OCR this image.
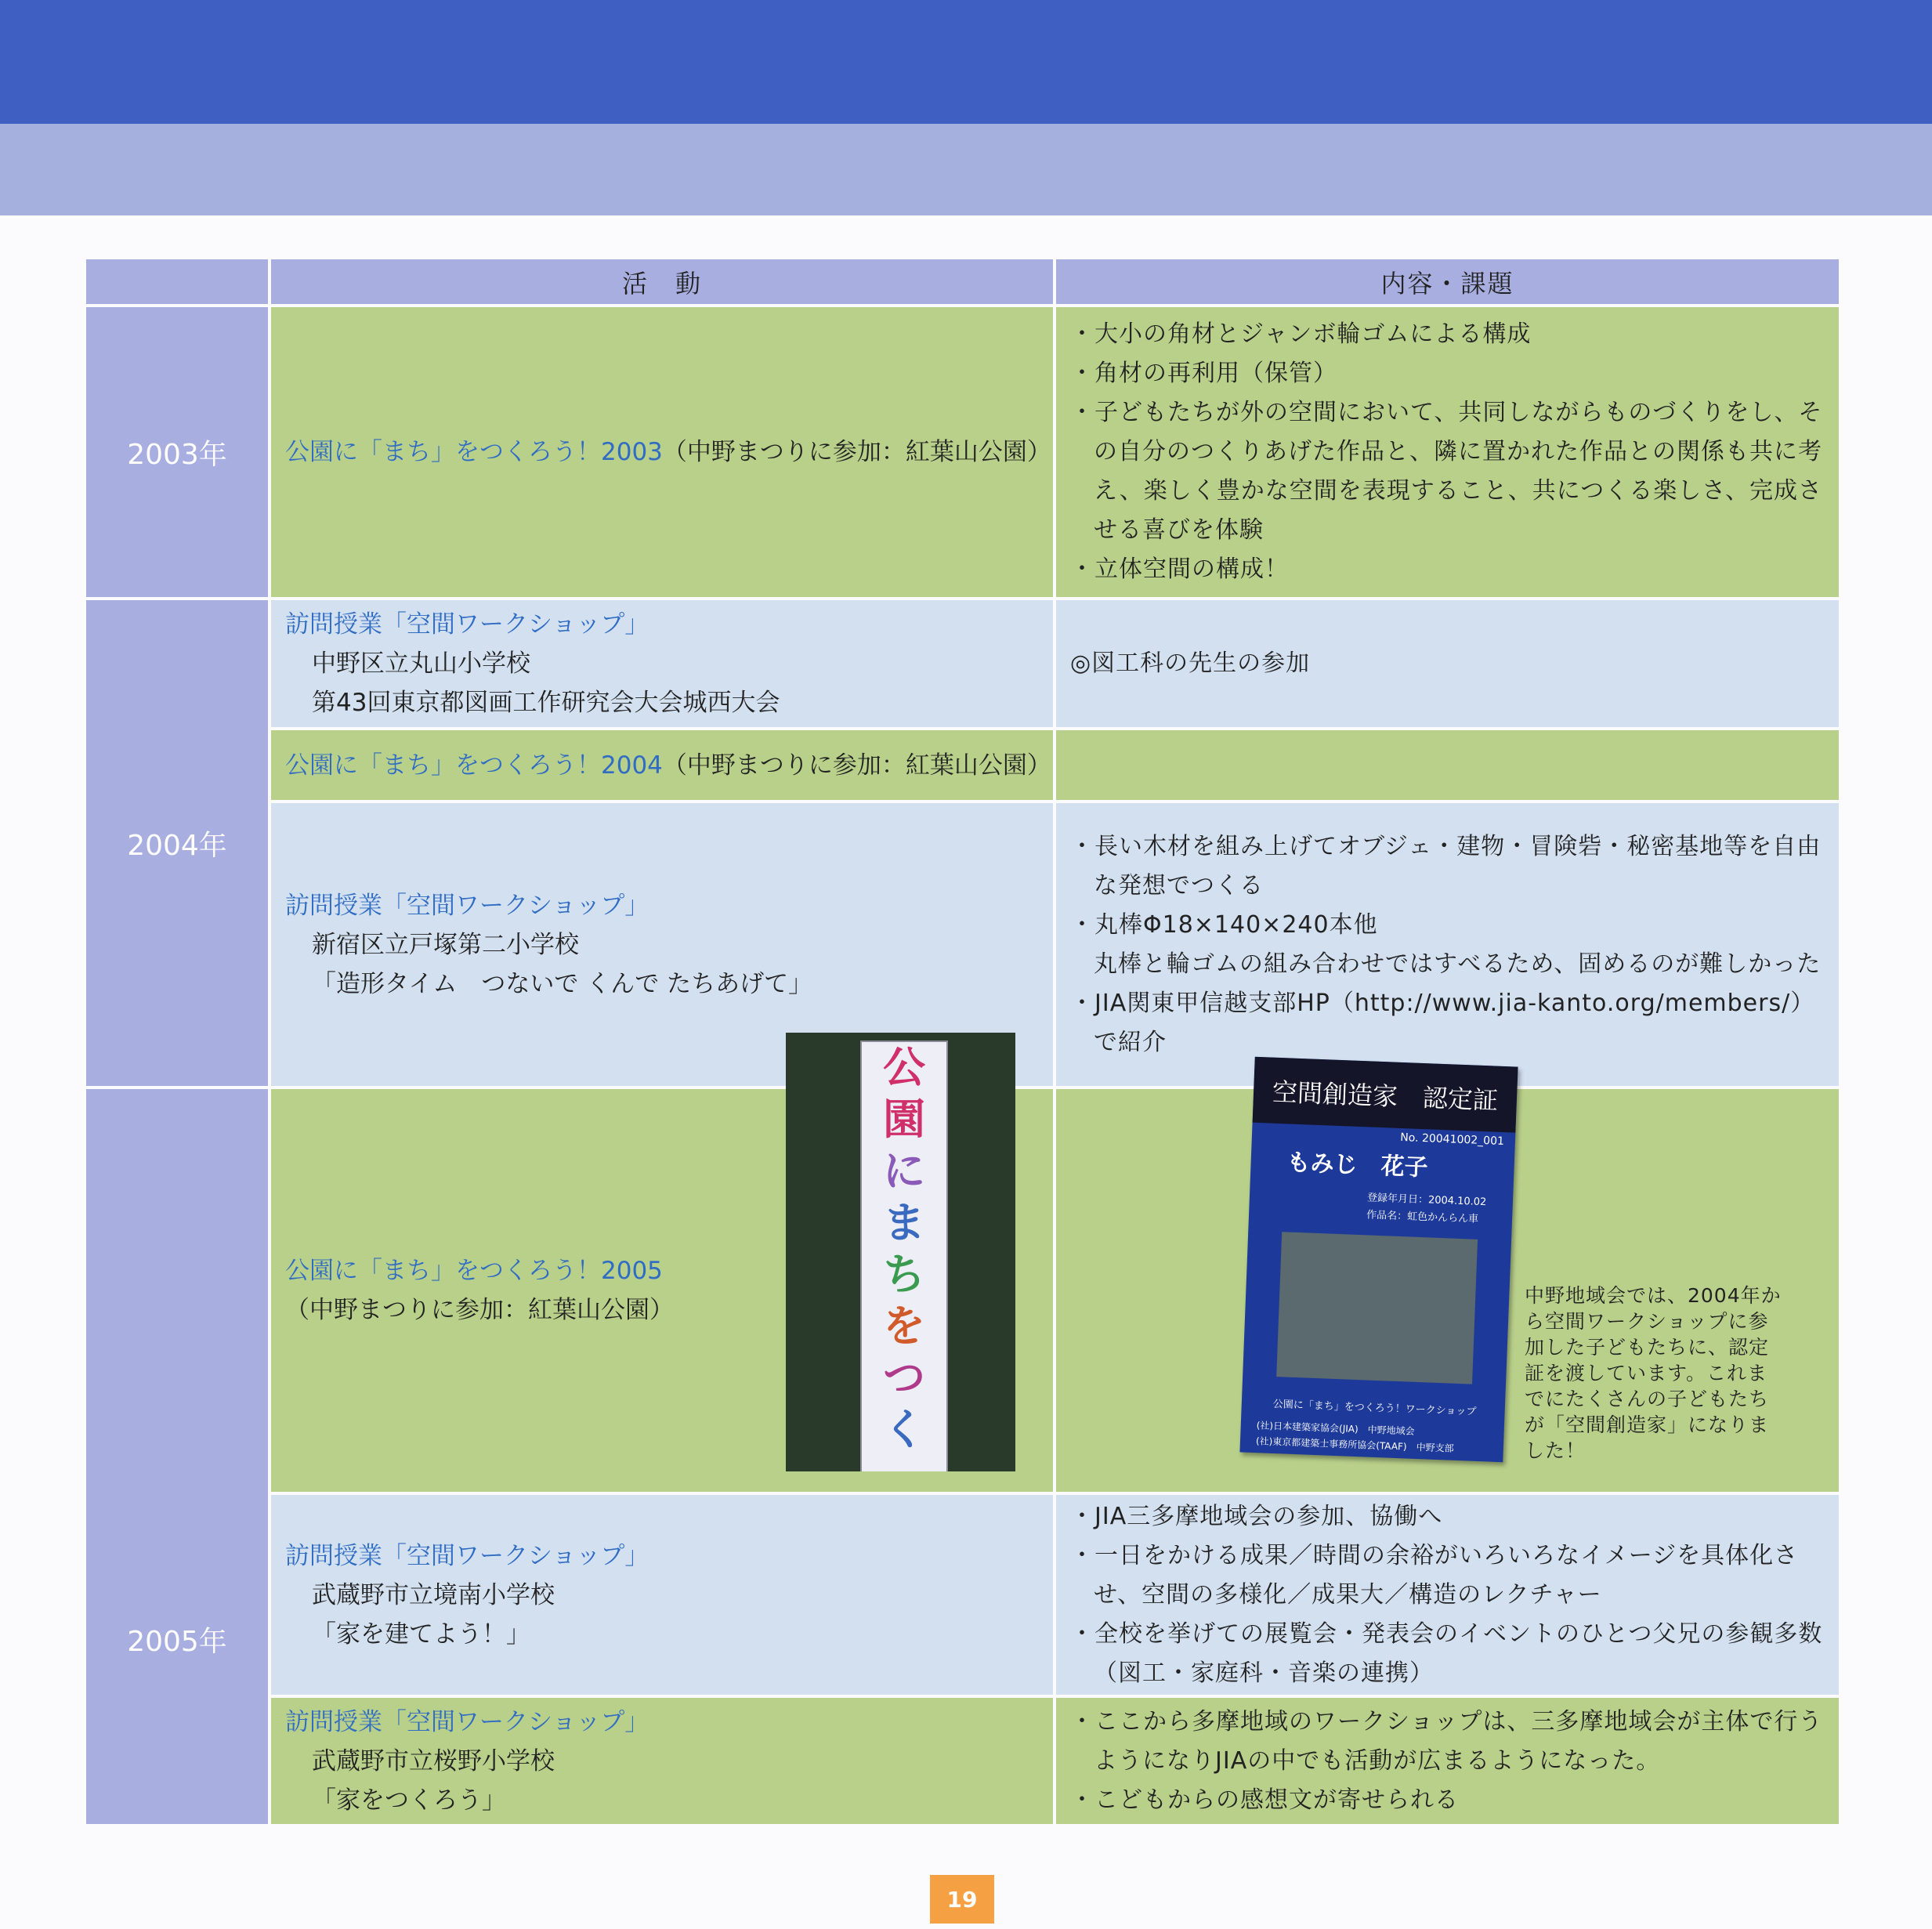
活　動	内容・課題
2003年
2004年
2005年
公園に「まち」をつくろう！2003（中野まつりに参加：紅葉山公園）
・大小の角材とジャンボ輪ゴムによる構成
・角材の再利用（保管）
・子どもたちが外の空間において、共同しながらものづくりをし、その自分のつくりあげた作品と、隣に置かれた作品との関係も共に考え、楽しく豊かな空間を表現すること、共につくる楽しさ、完成させる喜びを体験
・立体空間の構成！
訪問授業「空間ワークショップ」
中野区立丸山小学校
第43回東京都図画工作研究会大会城西大会
◎図工科の先生の参加
公園に「まち」をつくろう！2004（中野まつりに参加：紅葉山公園）
訪問授業「空間ワークショップ」
新宿区立戸塚第二小学校
「造形タイム　つないで くんで たちあげて」
・長い木材を組み上げてオブジェ・建物・冒険砦・秘密基地等を自由な発想でつくる
・丸棒Φ18×140×240本他
丸棒と輪ゴムの組み合わせではすべるため、固めるのが難しかった
・JIA関東甲信越支部HP（http://www.jia-kanto.org/members/）で紹介
公園に「まち」をつくろう！2005
（中野まつりに参加：紅葉山公園）
訪問授業「空間ワークショップ」
武蔵野市立境南小学校
「家を建てよう！」
・JIA三多摩地域会の参加、協働へ
・一日をかける成果／時間の余裕がいろいろなイメージを具体化させ、空間の多様化／成果大／構造のレクチャー
・全校を挙げての展覧会・発表会のイベントのひとつ父兄の参観多数（図工・家庭科・音楽の連携）
訪問授業「空間ワークショップ」
武蔵野市立桜野小学校
「家をつくろう」
・ここから多摩地域のワークショップは、三多摩地域会が主体で行うようになりJIAの中でも活動が広まるようになった。
・こどもからの感想文が寄せられる
公
園
に
ま
ち
を
つ
く
空間創造家　認定証
No. 20041002_001
もみじ　花子
登録年月日：2004.10.02
作品名：虹色かんらん車
公園に「まち」をつくろう！ワークショップ
(社)日本建築家協会(JIA)　中野地域会
(社)東京都建築士事務所協会(TAAF)　中野支部
中野地域会では、2004年から空間ワークショップに参加した子どもたちに、認定証を渡しています。これまでにたくさんの子どもたちが「空間創造家」になりました！
19
